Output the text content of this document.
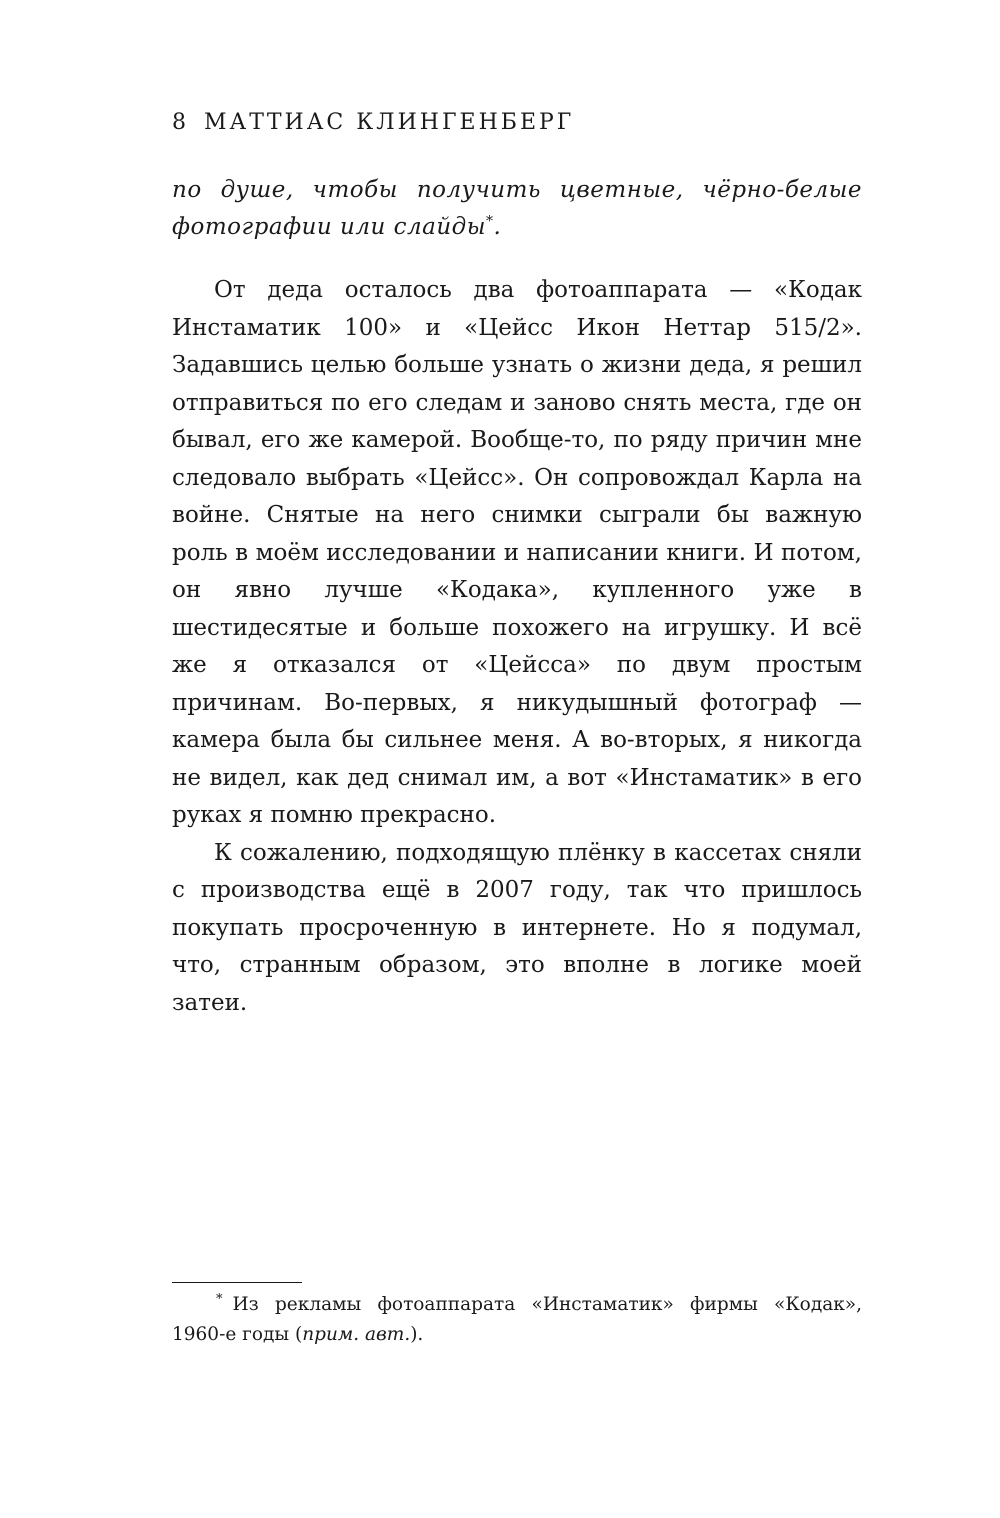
8 МАТТИАС КЛИНГЕНБЕРГ
по душе, чтобы получить цветные, чёрно-белые фотографии или слайды*.

От деда осталось два фотоаппарата — «Кодак Инстаматик 100» и «Цейсс Икон Неттар 515/2». Задавшись целью больше узнать о жизни деда, я решил отправиться по его следам и заново снять места, где он бывал, его же камерой. Вообще-то, по ряду причин мне следовало выбрать «Цейсс». Он сопровождал Карла на войне. Снятые на него снимки сыграли бы важную роль в моём исследовании и написании книги. И потом, он явно лучше «Кодака», купленного уже в шестидесятые и больше похожего на игрушку. И всё же я отказался от «Цейсса» по двум простым причинам. Во-первых, я никудышный фотограф — камера была бы сильнее меня. А во-вторых, я никогда не видел, как дед снимал им, а вот «Инстаматик» в его руках я помню прекрасно.

К сожалению, подходящую плёнку в кассетах сняли с производства ещё в 2007 году, так что пришлось покупать просроченную в интернете. Но я подумал, что, странным образом, это вполне в логике моей затеи.

* Из рекламы фотоаппарата «Инстаматик» фирмы «Кодак», 1960-е годы (прим. авт.).
